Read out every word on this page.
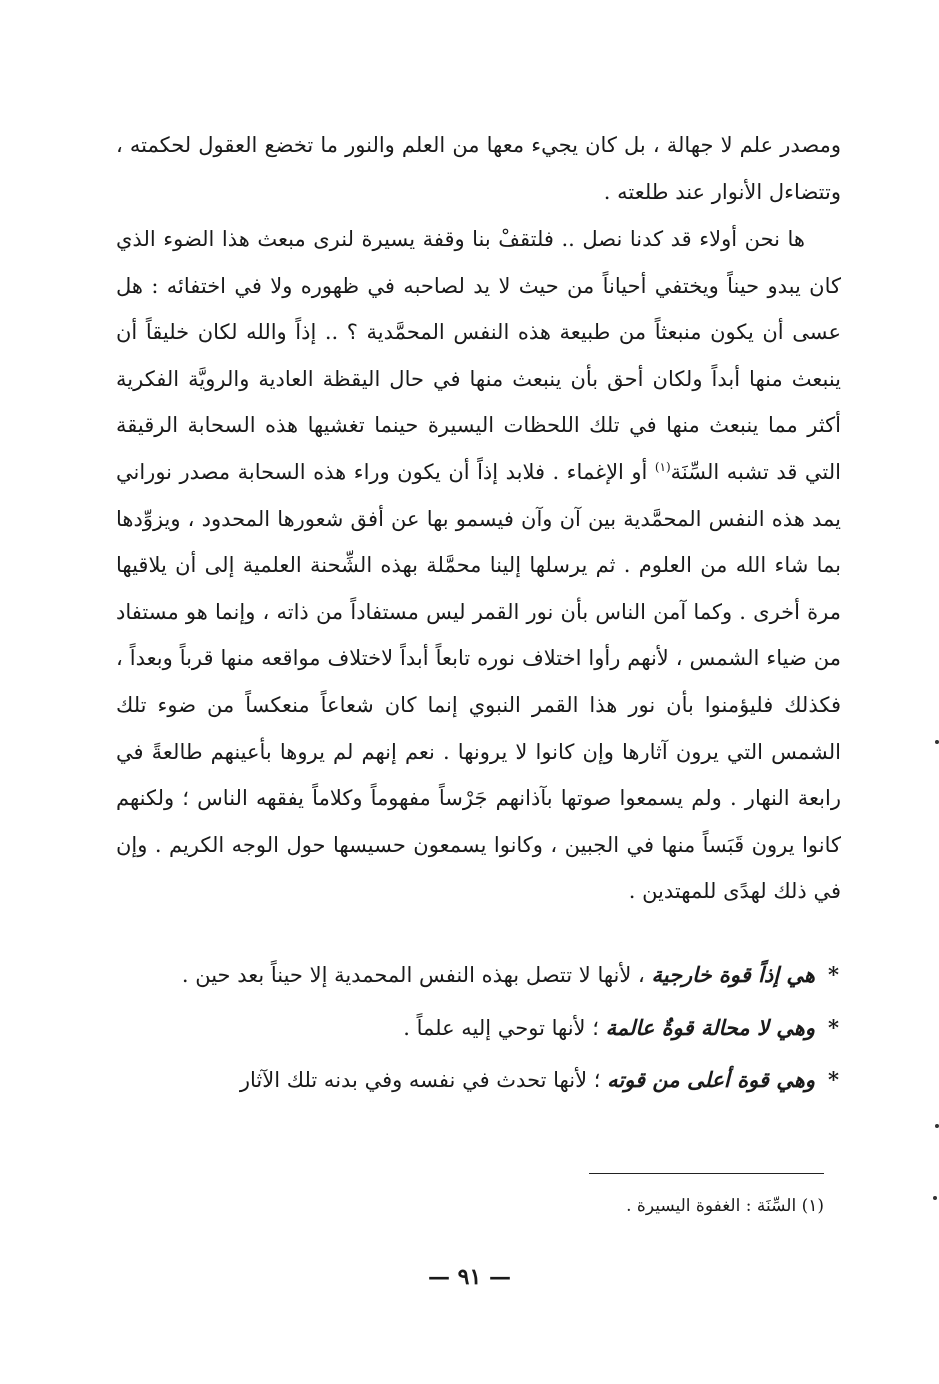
ومصدر علم لا جهالة ، بل كان يجيء معها من العلم والنور ما تخضع العقول لحكمته ، وتتضاءل الأنوار عند طلعته .

ها نحن أولاء قد كدنا نصل .. فلتقفْ بنا وقفة يسيرة لنرى مبعث هذا الضوء الذي كان يبدو حيناً ويختفي أحياناً من حيث لا يد لصاحبه في ظهوره ولا في اختفائه : هل عسى أن يكون منبعثاً من طبيعة هذه النفس المحمَّدية ؟ .. إذاً والله لكان خليقاً أن ينبعث منها أبداً ولكان أحق بأن ينبعث منها في حال اليقظة العادية والرويَّة الفكرية أكثر مما ينبعث منها في تلك اللحظات اليسيرة حينما تغشيها هذه السحابة الرقيقة التي قد تشبه السِّنَة$^{(١)}$ أو الإغماء . فلابد إذاً أن يكون وراء هذه السحابة مصدر نوراني يمد هذه النفس المحمَّدية بين آن وآن فيسمو بها عن أفق شعورها المحدود ، ويزوِّدها بما شاء الله من العلوم . ثم يرسلها إلينا محمَّلة بهذه الشِّحنة العلمية إلى أن يلاقيها مرة أخرى . وكما آمن الناس بأن نور القمر ليس مستفاداً من ذاته ، وإنما هو مستفاد من ضياء الشمس ، لأنهم رأوا اختلاف نوره تابعاً أبداً لاختلاف مواقعه منها قرباً وبعداً ، فكذلك فليؤمنوا بأن نور هذا القمر النبوي إنما كان شعاعاً منعكساً من ضوء تلك الشمس التي يرون آثارها وإن كانوا لا يرونها . نعم إنهم لم يروها بأعينهم طالعةً في رابعة النهار . ولم يسمعوا صوتها بآذانهم جَرْساً مفهوماً وكلاماً يفقهه الناس ؛ ولكنهم كانوا يرون قَبَساً منها في الجبين ، وكانوا يسمعون حسيسها حول الوجه الكريم . وإن في ذلك لهدًى للمهتدين .

*
هي إذاً قوة خارجية ، لأنها لا تتصل بهذه النفس المحمدية إلا حيناً بعد حين .

*
وهي لا محالة قوةٌ عالمة ؛ لأنها توحي إليه علماً .

*
وهي قوة أعلى من قوته ؛ لأنها تحدث في نفسه وفي بدنه تلك الآثار

(١) السِّنَة : الغفوة اليسيرة .
— ٩١ —
